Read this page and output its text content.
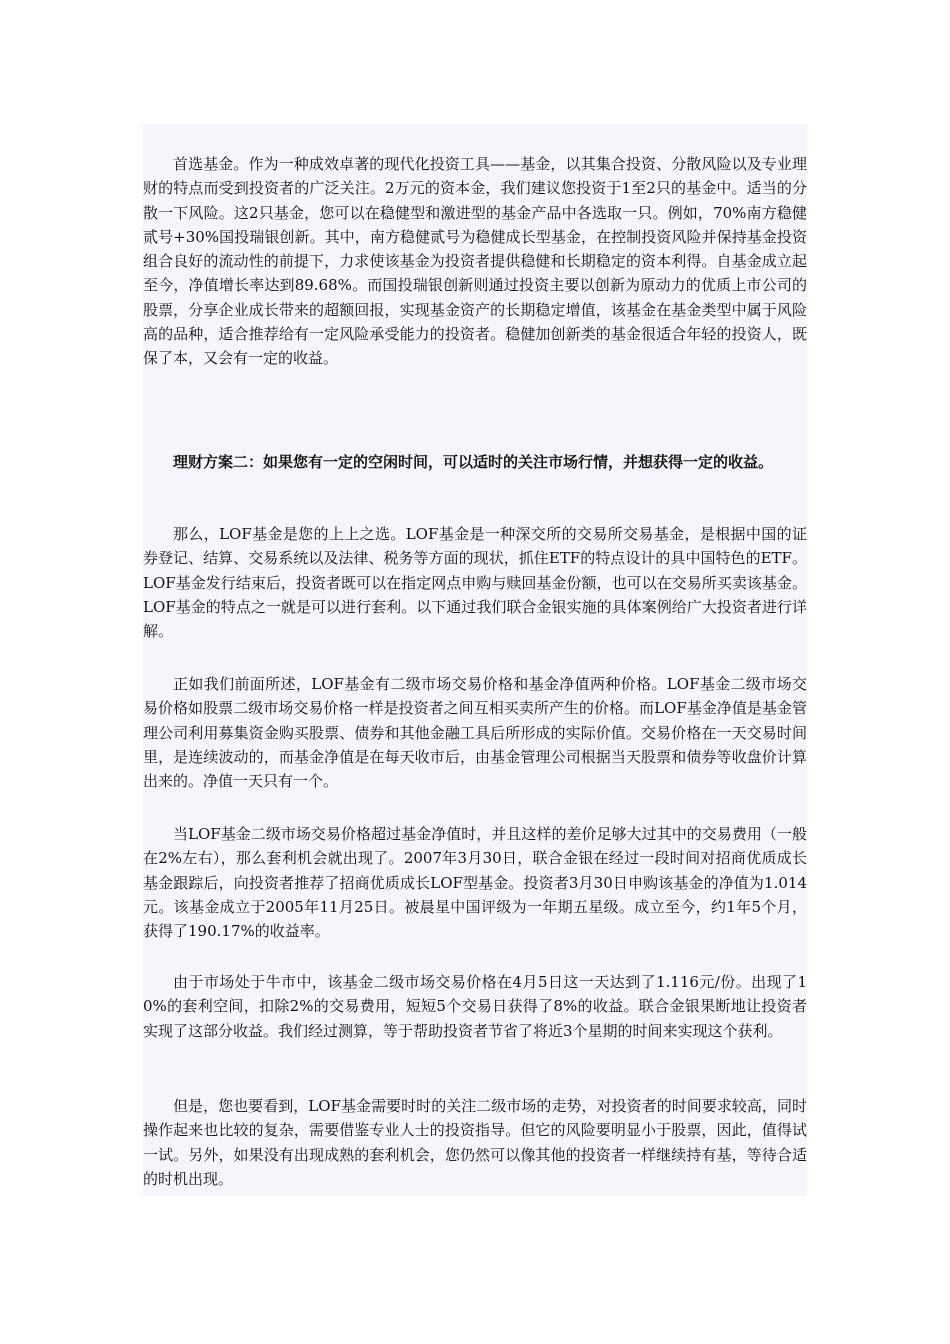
首选基金。作为一种成效卓著的现代化投资工具——基金，以其集合投资、分散风险以及专业理财的特点而受到投资者的广泛关注。2万元的资本金，我们建议您投资于1至2只的基金中。适当的分散一下风险。这2只基金，您可以在稳健型和激进型的基金产品中各选取一只。例如，70%南方稳健贰号+30%国投瑞银创新。其中，南方稳健贰号为稳健成长型基金，在控制投资风险并保持基金投资组合良好的流动性的前提下，力求使该基金为投资者提供稳健和长期稳定的资本利得。自基金成立起至今，净值增长率达到89.68%。而国投瑞银创新则通过投资主要以创新为原动力的优质上市公司的股票，分享企业成长带来的超额回报，实现基金资产的长期稳定增值，该基金在基金类型中属于风险高的品种，适合推荐给有一定风险承受能力的投资者。稳健加创新类的基金很适合年轻的投资人，既保了本，又会有一定的收益。

理财方案二：如果您有一定的空闲时间，可以适时的关注市场行情，并想获得一定的收益。

那么，LOF基金是您的上上之选。LOF基金是一种深交所的交易所交易基金，是根据中国的证券登记、结算、交易系统以及法律、税务等方面的现状，抓住ETF的特点设计的具中国特色的ETF。LOF基金发行结束后，投资者既可以在指定网点申购与赎回基金份额，也可以在交易所买卖该基金。LOF基金的特点之一就是可以进行套利。以下通过我们联合金银实施的具体案例给广大投资者进行详解。

正如我们前面所述，LOF基金有二级市场交易价格和基金净值两种价格。LOF基金二级市场交易价格如股票二级市场交易价格一样是投资者之间互相买卖所产生的价格。而LOF基金净值是基金管理公司利用募集资金购买股票、债券和其他金融工具后所形成的实际价值。交易价格在一天交易时间里，是连续波动的，而基金净值是在每天收市后，由基金管理公司根据当天股票和债券等收盘价计算出来的。净值一天只有一个。

当LOF基金二级市场交易价格超过基金净值时，并且这样的差价足够大过其中的交易费用（一般在2%左右），那么套利机会就出现了。2007年3月30日，联合金银在经过一段时间对招商优质成长基金跟踪后，向投资者推荐了招商优质成长LOF型基金。投资者3月30日申购该基金的净值为1.014元。该基金成立于2005年11月25日。被晨星中国评级为一年期五星级。成立至今，约1年5个月，获得了190.17%的收益率。

由于市场处于牛市中，该基金二级市场交易价格在4月5日这一天达到了1.116元/份。出现了10%的套利空间，扣除2%的交易费用，短短5个交易日获得了8%的收益。联合金银果断地让投资者实现了这部分收益。我们经过测算，等于帮助投资者节省了将近3个星期的时间来实现这个获利。

但是，您也要看到，LOF基金需要时时的关注二级市场的走势，对投资者的时间要求较高，同时操作起来也比较的复杂，需要借鉴专业人士的投资指导。但它的风险要明显小于股票，因此，值得试一试。另外，如果没有出现成熟的套利机会，您仍然可以像其他的投资者一样继续持有基，等待合适的时机出现。
